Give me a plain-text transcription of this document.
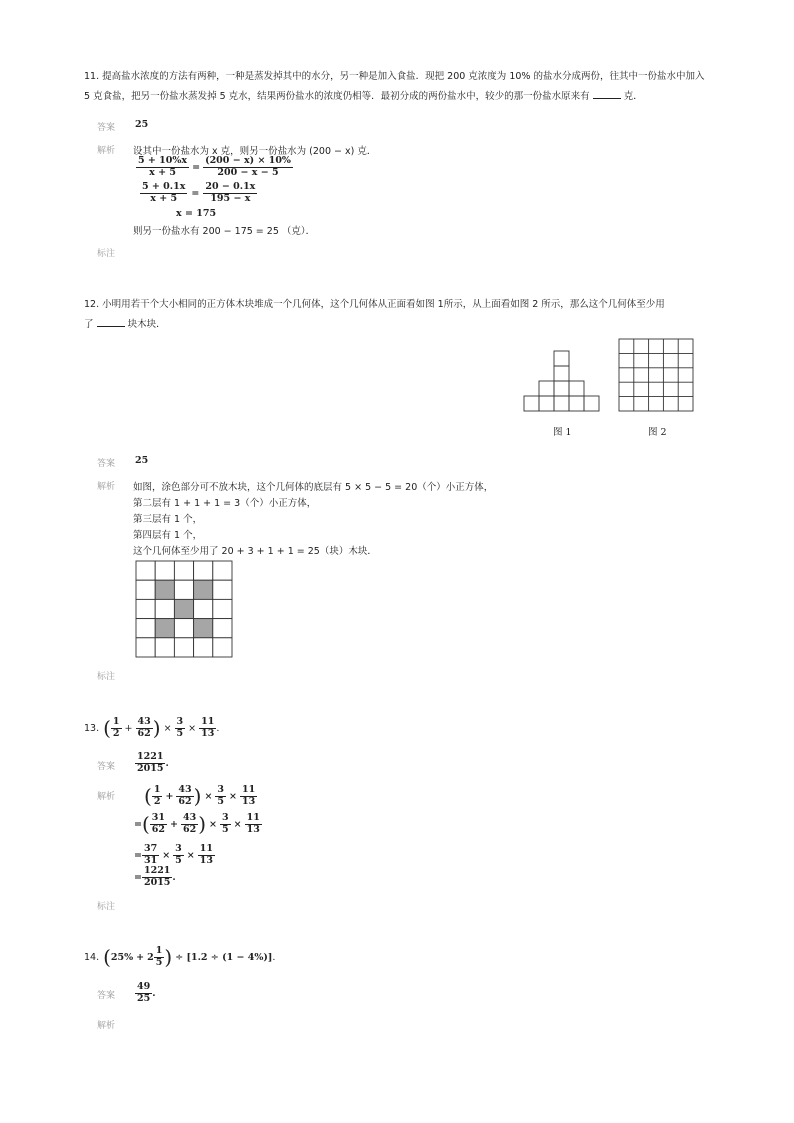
11. 提高盐水浓度的方法有两种，一种是蒸发掉其中的水分，另一种是加入食盐．现把 200 克浓度为 10% 的盐水分成两份，往其中一份盐水中加入
5 克食盐，把另一份盐水蒸发掉 5 克水，结果两份盐水的浓度仍相等．最初分成的两份盐水中，较少的那一份盐水原来有	克．
答案 25
解析 设其中一份盐水为 x 克，则另一份盐水为 (200 − x) 克．
$\frac{5 + 10\%x}{x + 5} = \frac{(200 - x) \times 10\%}{200 - x - 5}$
$\frac{5 + 0.1x}{x + 5} = \frac{20 - 0.1x}{195 - x}$
x = 175
则另一份盐水有 200 − 175 = 25 （克）．
标注
12. 小明用若干个大小相同的正方体木块堆成一个几何体，这个几何体从正面看如图 1所示，从上面看如图 2 所示，那么这个几何体至少用
了	块木块．
图 1	图 2
答案 25
解析 如图，涂色部分可不放木块，这个几何体的底层有 5 × 5 − 5 = 20（个）小正方体，
第二层有 1 + 1 + 1 = 3（个）小正方体，
第三层有 1 个，
第四层有 1 个，
这个几何体至少用了 20 + 3 + 1 + 1 = 25（块）木块．
标注
13. ( $\frac{1}{2} + \frac{43}{62}$ ) × $\frac{3}{5} \times \frac{11}{13}$ .
答案 $\frac{1221}{2015}$ .
解析 ( $\frac{1}{2} + \frac{43}{62}$ ) × $\frac{3}{5} \times \frac{11}{13}$
= ( $\frac{31}{62} + \frac{43}{62}$ ) × $\frac{3}{5} \times \frac{11}{13}$
= $\frac{37}{31} \times \frac{3}{5} \times \frac{11}{13}$
= $\frac{1221}{2015}$ .
标注
14. ( $25\% + 2 \frac{1}{5}$ ) ÷ [1.2 ÷ (1 − 4%)] .
答案 $\frac{49}{25}$ .
解析
